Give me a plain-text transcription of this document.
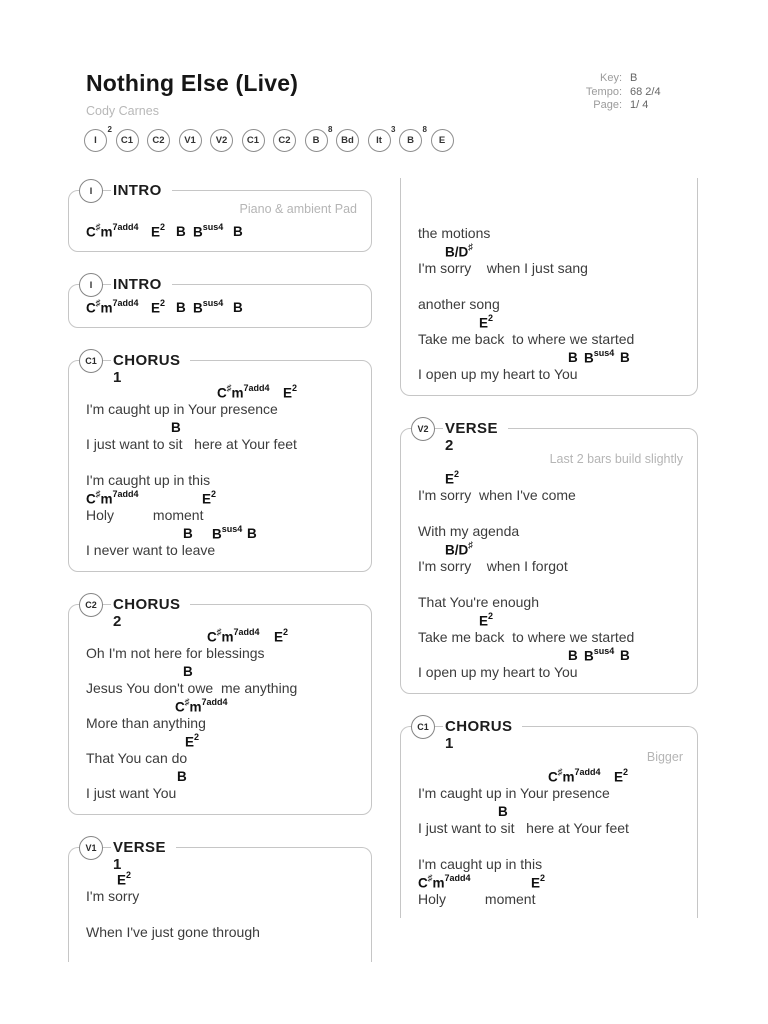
Nothing Else (Live)
Cody Carnes
Key: B
Tempo: 68 2/4
Page: 1/ 4
I
2
C1 C2 V1 V2 C1 C2 B
8
Bd It
3
B
8
E
I	INTRO
Piano & ambient Pad
$C^♯m^{7add4}$ $E^2$ B $B^{sus4}$ B
I	INTRO
$C^♯m^{7add4}$ $E^2$ B $B^{sus4}$ B
C1	CHORUS
1
$C^♯m^{7add4}$ $E^2$
I'm caught up in Your presence
B
I just want to sit   here at Your feet
I'm caught up in this
$C^♯m^{7add4}$	$E^2$
Holy          moment
B $B^{sus4}$ B
I never want to leave
C2	CHORUS
2
$C^♯m^{7add4}$ $E^2$
Oh I'm not here for blessings
B
Jesus You don't owe  me anything
$C^♯m^{7add4}$
More than anything
$E^2$
That You can do
B
I just want You
V1	VERSE
1
$E^2$
I'm sorry
When I've just gone through
the motions
B/D♯
I'm sorry    when I just sang
another song
$E^2$
Take me back  to where we started
B $B^{sus4}$ B
I open up my heart to You
V2	VERSE
2
Last 2 bars build slightly
$E^2$
I'm sorry  when I've come
With my agenda
B/D♯
I'm sorry    when I forgot
That You're enough
$E^2$
Take me back  to where we started
B $B^{sus4}$ B
I open up my heart to You
C1	CHORUS
1
Bigger
$C^♯m^{7add4}$ $E^2$
I'm caught up in Your presence
B
I just want to sit   here at Your feet
I'm caught up in this
$C^♯m^{7add4}$	$E^2$
Holy          moment
